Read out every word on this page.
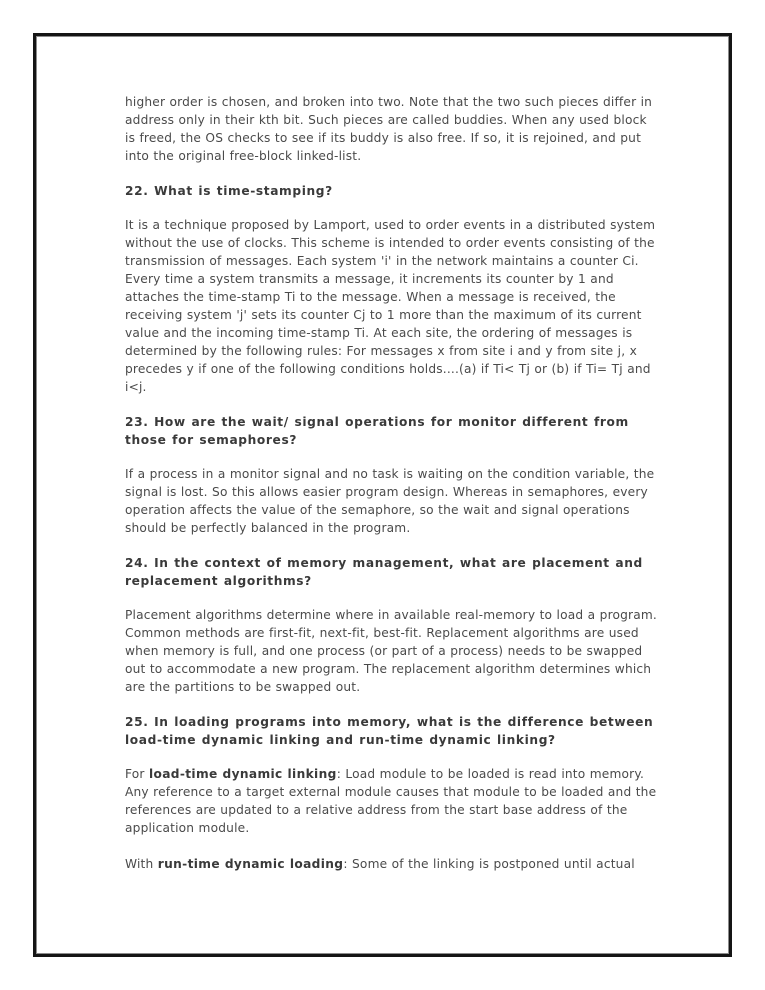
higher order is chosen, and broken into two. Note that the two such pieces differ in address only in their kth bit. Such pieces are called buddies. When any used block is freed, the OS checks to see if its buddy is also free. If so, it is rejoined, and put into the original free-block linked-list.

22. What is time-stamping?

It is a technique proposed by Lamport, used to order events in a distributed system without the use of clocks. This scheme is intended to order events consisting of the transmission of messages. Each system 'i' in the network maintains a counter Ci. Every time a system transmits a message, it increments its counter by 1 and attaches the time-stamp Ti to the message. When a message is received, the receiving system 'j' sets its counter Cj to 1 more than the maximum of its current value and the incoming time-stamp Ti. At each site, the ordering of messages is determined by the following rules: For messages x from site i and y from site j, x precedes y if one of the following conditions holds....(a) if Ti< Tj or (b) if Ti= Tj and i<j.

23. How are the wait/ signal operations for monitor different from those for semaphores?

If a process in a monitor signal and no task is waiting on the condition variable, the signal is lost. So this allows easier program design. Whereas in semaphores, every operation affects the value of the semaphore, so the wait and signal operations should be perfectly balanced in the program.

24. In the context of memory management, what are placement and replacement algorithms?

Placement algorithms determine where in available real-memory to load a program. Common methods are first-fit, next-fit, best-fit. Replacement algorithms are used when memory is full, and one process (or part of a process) needs to be swapped out to accommodate a new program. The replacement algorithm determines which are the partitions to be swapped out.

25. In loading programs into memory, what is the difference between load-time dynamic linking and run-time dynamic linking?

For load-time dynamic linking: Load module to be loaded is read into memory. Any reference to a target external module causes that module to be loaded and the references are updated to a relative address from the start base address of the application module.

With run-time dynamic loading: Some of the linking is postponed until actual
